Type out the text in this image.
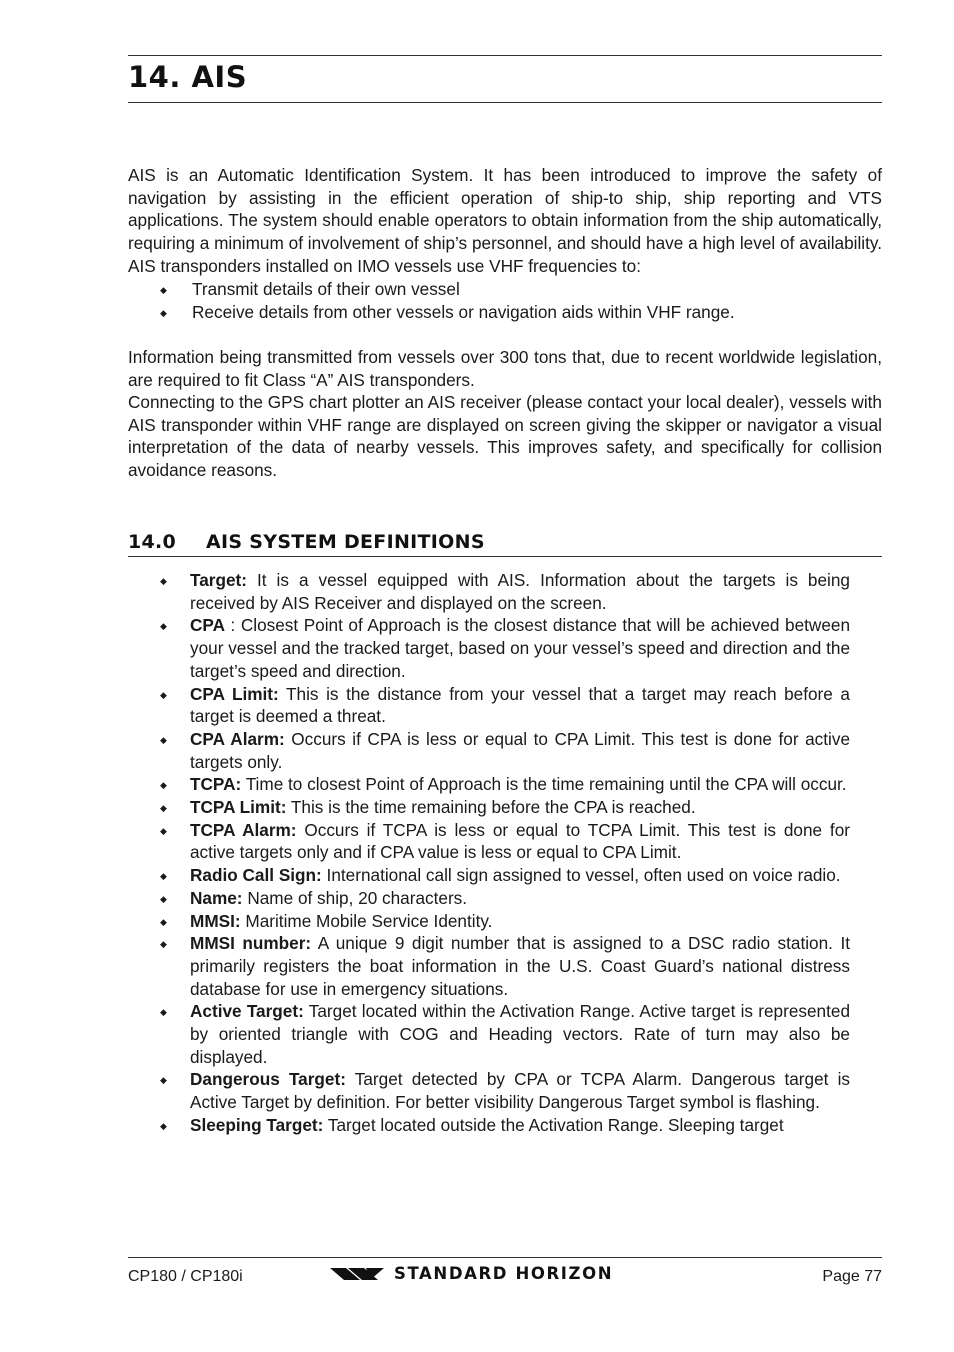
14. AIS

AIS is an Automatic Identification System. It has been introduced to improve the safety of navigation by assisting in the efficient operation of ship-to ship, ship reporting and VTS applications. The system should enable operators to obtain information from the ship automatically, requiring a minimum of involvement of ship’s personnel, and should have a high level of availability. AIS transponders installed on IMO vessels use VHF frequencies to:

◆ Transmit details of their own vessel
◆ Receive details from other vessels or navigation aids within VHF range.

Information being transmitted from vessels over 300 tons that, due to recent worldwide legislation, are required to fit Class “A” AIS transponders.

Connecting to the GPS chart plotter an AIS receiver (please contact your local dealer), vessels with AIS transponder within VHF range are displayed on screen giving the skipper or navigator a visual interpretation of the data of nearby vessels. This improves safety, and specifically for collision avoidance reasons.

14.0 AIS SYSTEM DEFINITIONS
◆ Target: It is a vessel equipped with AIS. Information about the targets is being received by AIS Receiver and displayed on the screen.
◆ CPA : Closest Point of Approach is the closest distance that will be achieved between your vessel and the tracked target, based on your vessel’s speed and direction and the target’s speed and direction.
◆ CPA Limit: This is the distance from your vessel that a target may reach before a target is deemed a threat.
◆ CPA Alarm: Occurs if CPA is less or equal to CPA Limit. This test is done for active targets only.
◆ TCPA: Time to closest Point of Approach is the time remaining until the CPA will occur.
◆ TCPA Limit: This is the time remaining before the CPA is reached.
◆ TCPA Alarm: Occurs if TCPA is less or equal to TCPA Limit. This test is done for active targets only and if CPA value is less or equal to CPA Limit.
◆ Radio Call Sign: International call sign assigned to vessel, often used on voice radio.
◆ Name: Name of ship, 20 characters.
◆ MMSI: Maritime Mobile Service Identity.
◆ MMSI number: A unique 9 digit number that is assigned to a DSC radio station. It primarily registers the boat information in the U.S. Coast Guard’s national distress database for use in emergency situations.
◆ Active Target: Target located within the Activation Range. Active target is represented by oriented triangle with COG and Heading vectors. Rate of turn may also be displayed.
◆ Dangerous Target: Target detected by CPA or TCPA Alarm. Dangerous target is Active Target by definition. For better visibility Dangerous Target symbol is flashing.
◆ Sleeping Target: Target located outside the Activation Range. Sleeping target
CP180 / CP180i	STANDARD HORIZON	Page 77
